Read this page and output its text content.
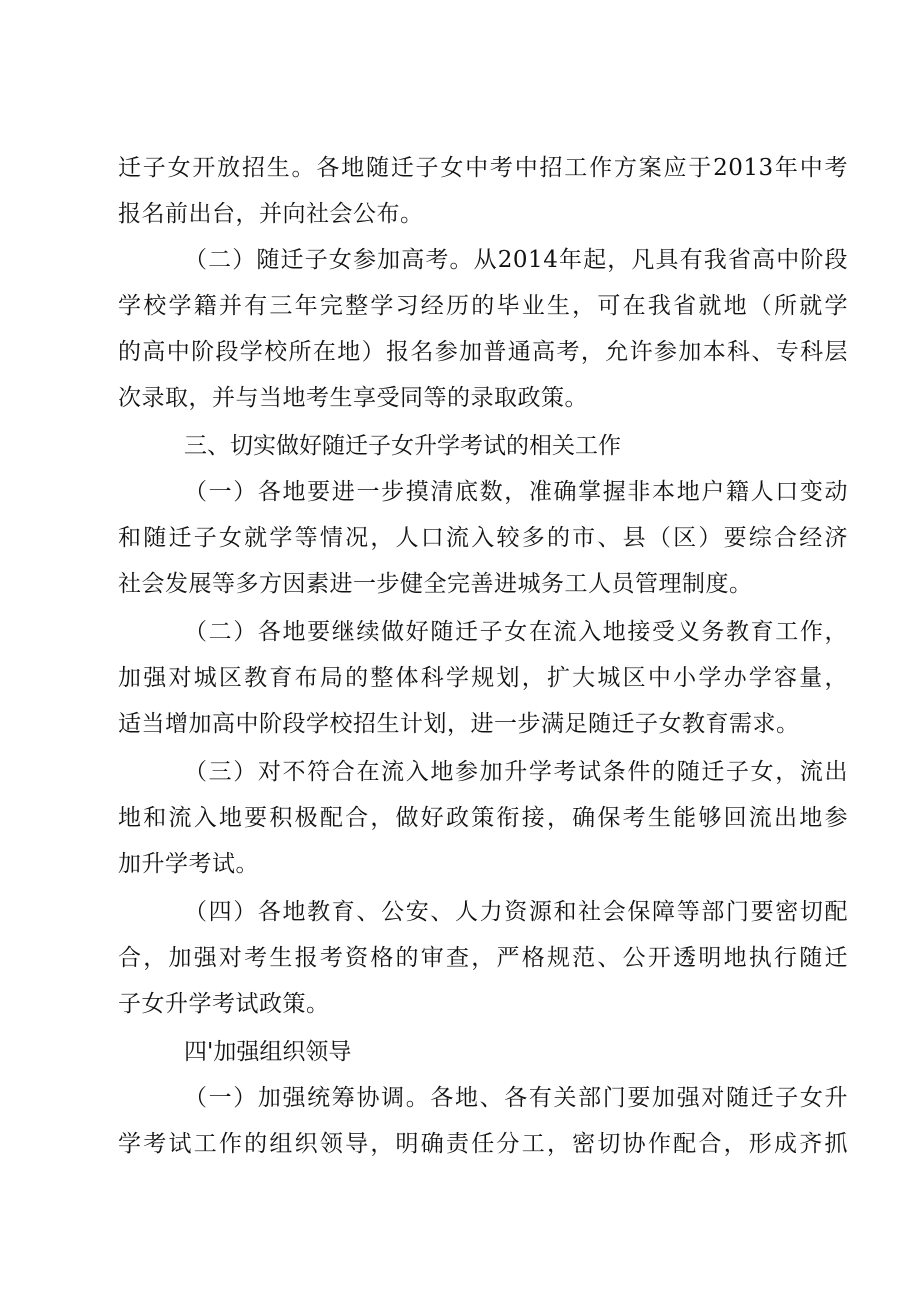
迁子女开放招生。各地随迁子女中考中招工作方案应于2013年中考
报名前出台，并向社会公布。
（二）随迁子女参加高考。从2014年起，凡具有我省高中阶段
学校学籍并有三年完整学习经历的毕业生，可在我省就地（所就学
的高中阶段学校所在地）报名参加普通高考，允许参加本科、专科层
次录取，并与当地考生享受同等的录取政策。
三、切实做好随迁子女升学考试的相关工作
（一）各地要进一步摸清底数，准确掌握非本地户籍人口变动
和随迁子女就学等情况，人口流入较多的市、县（区）要综合经济
社会发展等多方因素进一步健全完善进城务工人员管理制度。
（二）各地要继续做好随迁子女在流入地接受义务教育工作，
加强对城区教育布局的整体科学规划，扩大城区中小学办学容量，
适当增加高中阶段学校招生计划，进一步满足随迁子女教育需求。
（三）对不符合在流入地参加升学考试条件的随迁子女，流出
地和流入地要积极配合，做好政策衔接，确保考生能够回流出地参
加升学考试。
（四）各地教育、公安、人力资源和社会保障等部门要密切配
合，加强对考生报考资格的审查，严格规范、公开透明地执行随迁
子女升学考试政策。
四'加强组织领导
（一）加强统筹协调。各地、各有关部门要加强对随迁子女升
学考试工作的组织领导，明确责任分工，密切协作配合，形成齐抓
